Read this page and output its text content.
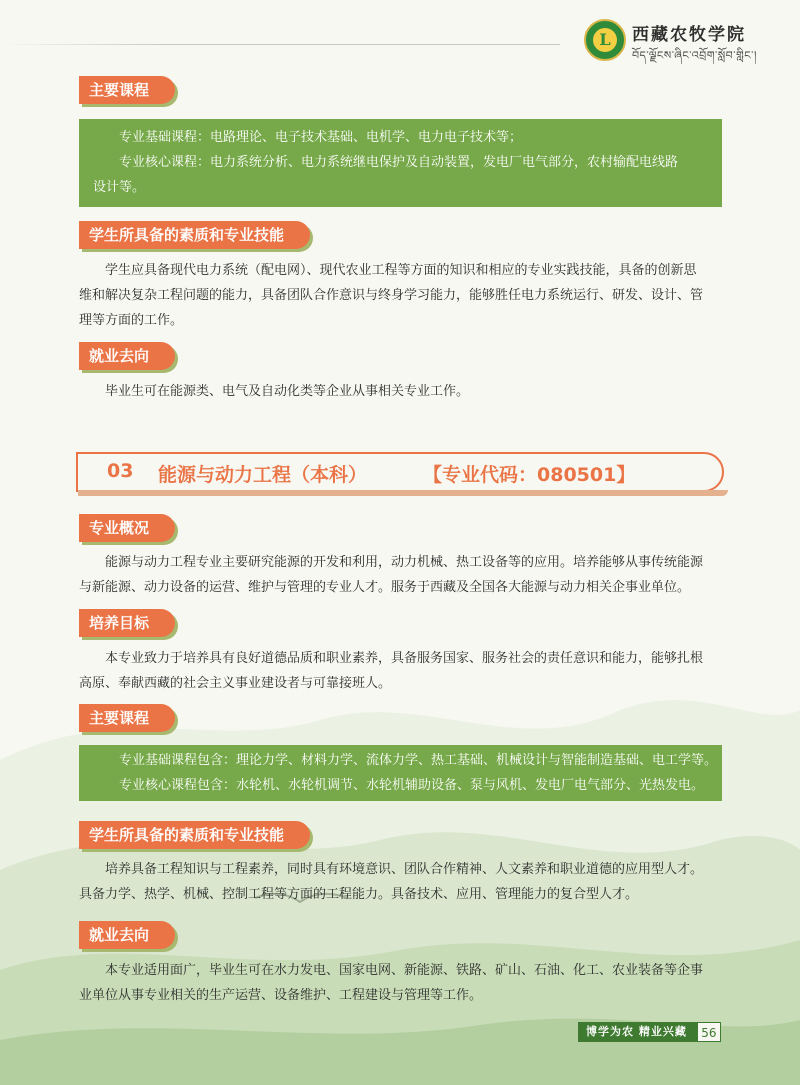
L	西藏农牧学院
བོད་ལྗོངས་ཞིང་འབྲོག་སློབ་གླིང་།
主要课程
专业基础课程：电路理论、电子技术基础、电机学、电力电子技术等；
专业核心课程：电力系统分析、电力系统继电保护及自动装置，发电厂电气部分，农村输配电线路
设计等。
学生所具备的素质和专业技能
学生应具备现代电力系统（配电网）、现代农业工程等方面的知识和相应的专业实践技能，具备的创新思
维和解决复杂工程问题的能力，具备团队合作意识与终身学习能力，能够胜任电力系统运行、研发、设计、管
理等方面的工作。
就业去向
毕业生可在能源类、电气及自动化类等企业从事相关专业工作。
03 能源与动力工程（本科）	【专业代码：080501】
专业概况
能源与动力工程专业主要研究能源的开发和利用，动力机械、热工设备等的应用。培养能够从事传统能源
与新能源、动力设备的运营、维护与管理的专业人才。服务于西藏及全国各大能源与动力相关企事业单位。
培养目标
本专业致力于培养具有良好道德品质和职业素养，具备服务国家、服务社会的责任意识和能力，能够扎根
高原、奉献西藏的社会主义事业建设者与可靠接班人。
主要课程
专业基础课程包含：理论力学、材料力学、流体力学、热工基础、机械设计与智能制造基础、电工学等。
专业核心课程包含：水轮机、水轮机调节、水轮机辅助设备、泵与风机、发电厂电气部分、光热发电。
学生所具备的素质和专业技能
培养具备工程知识与工程素养，同时具有环境意识、团队合作精神、人文素养和职业道德的应用型人才。
具备力学、热学、机械、控制工程等方面的工程能力。具备技术、应用、管理能力的复合型人才。
就业去向
本专业适用面广，毕业生可在水力发电、国家电网、新能源、铁路、矿山、石油、化工、农业装备等企事
业单位从事专业相关的生产运营、设备维护、工程建设与管理等工作。
博学为农 精业兴藏	56
